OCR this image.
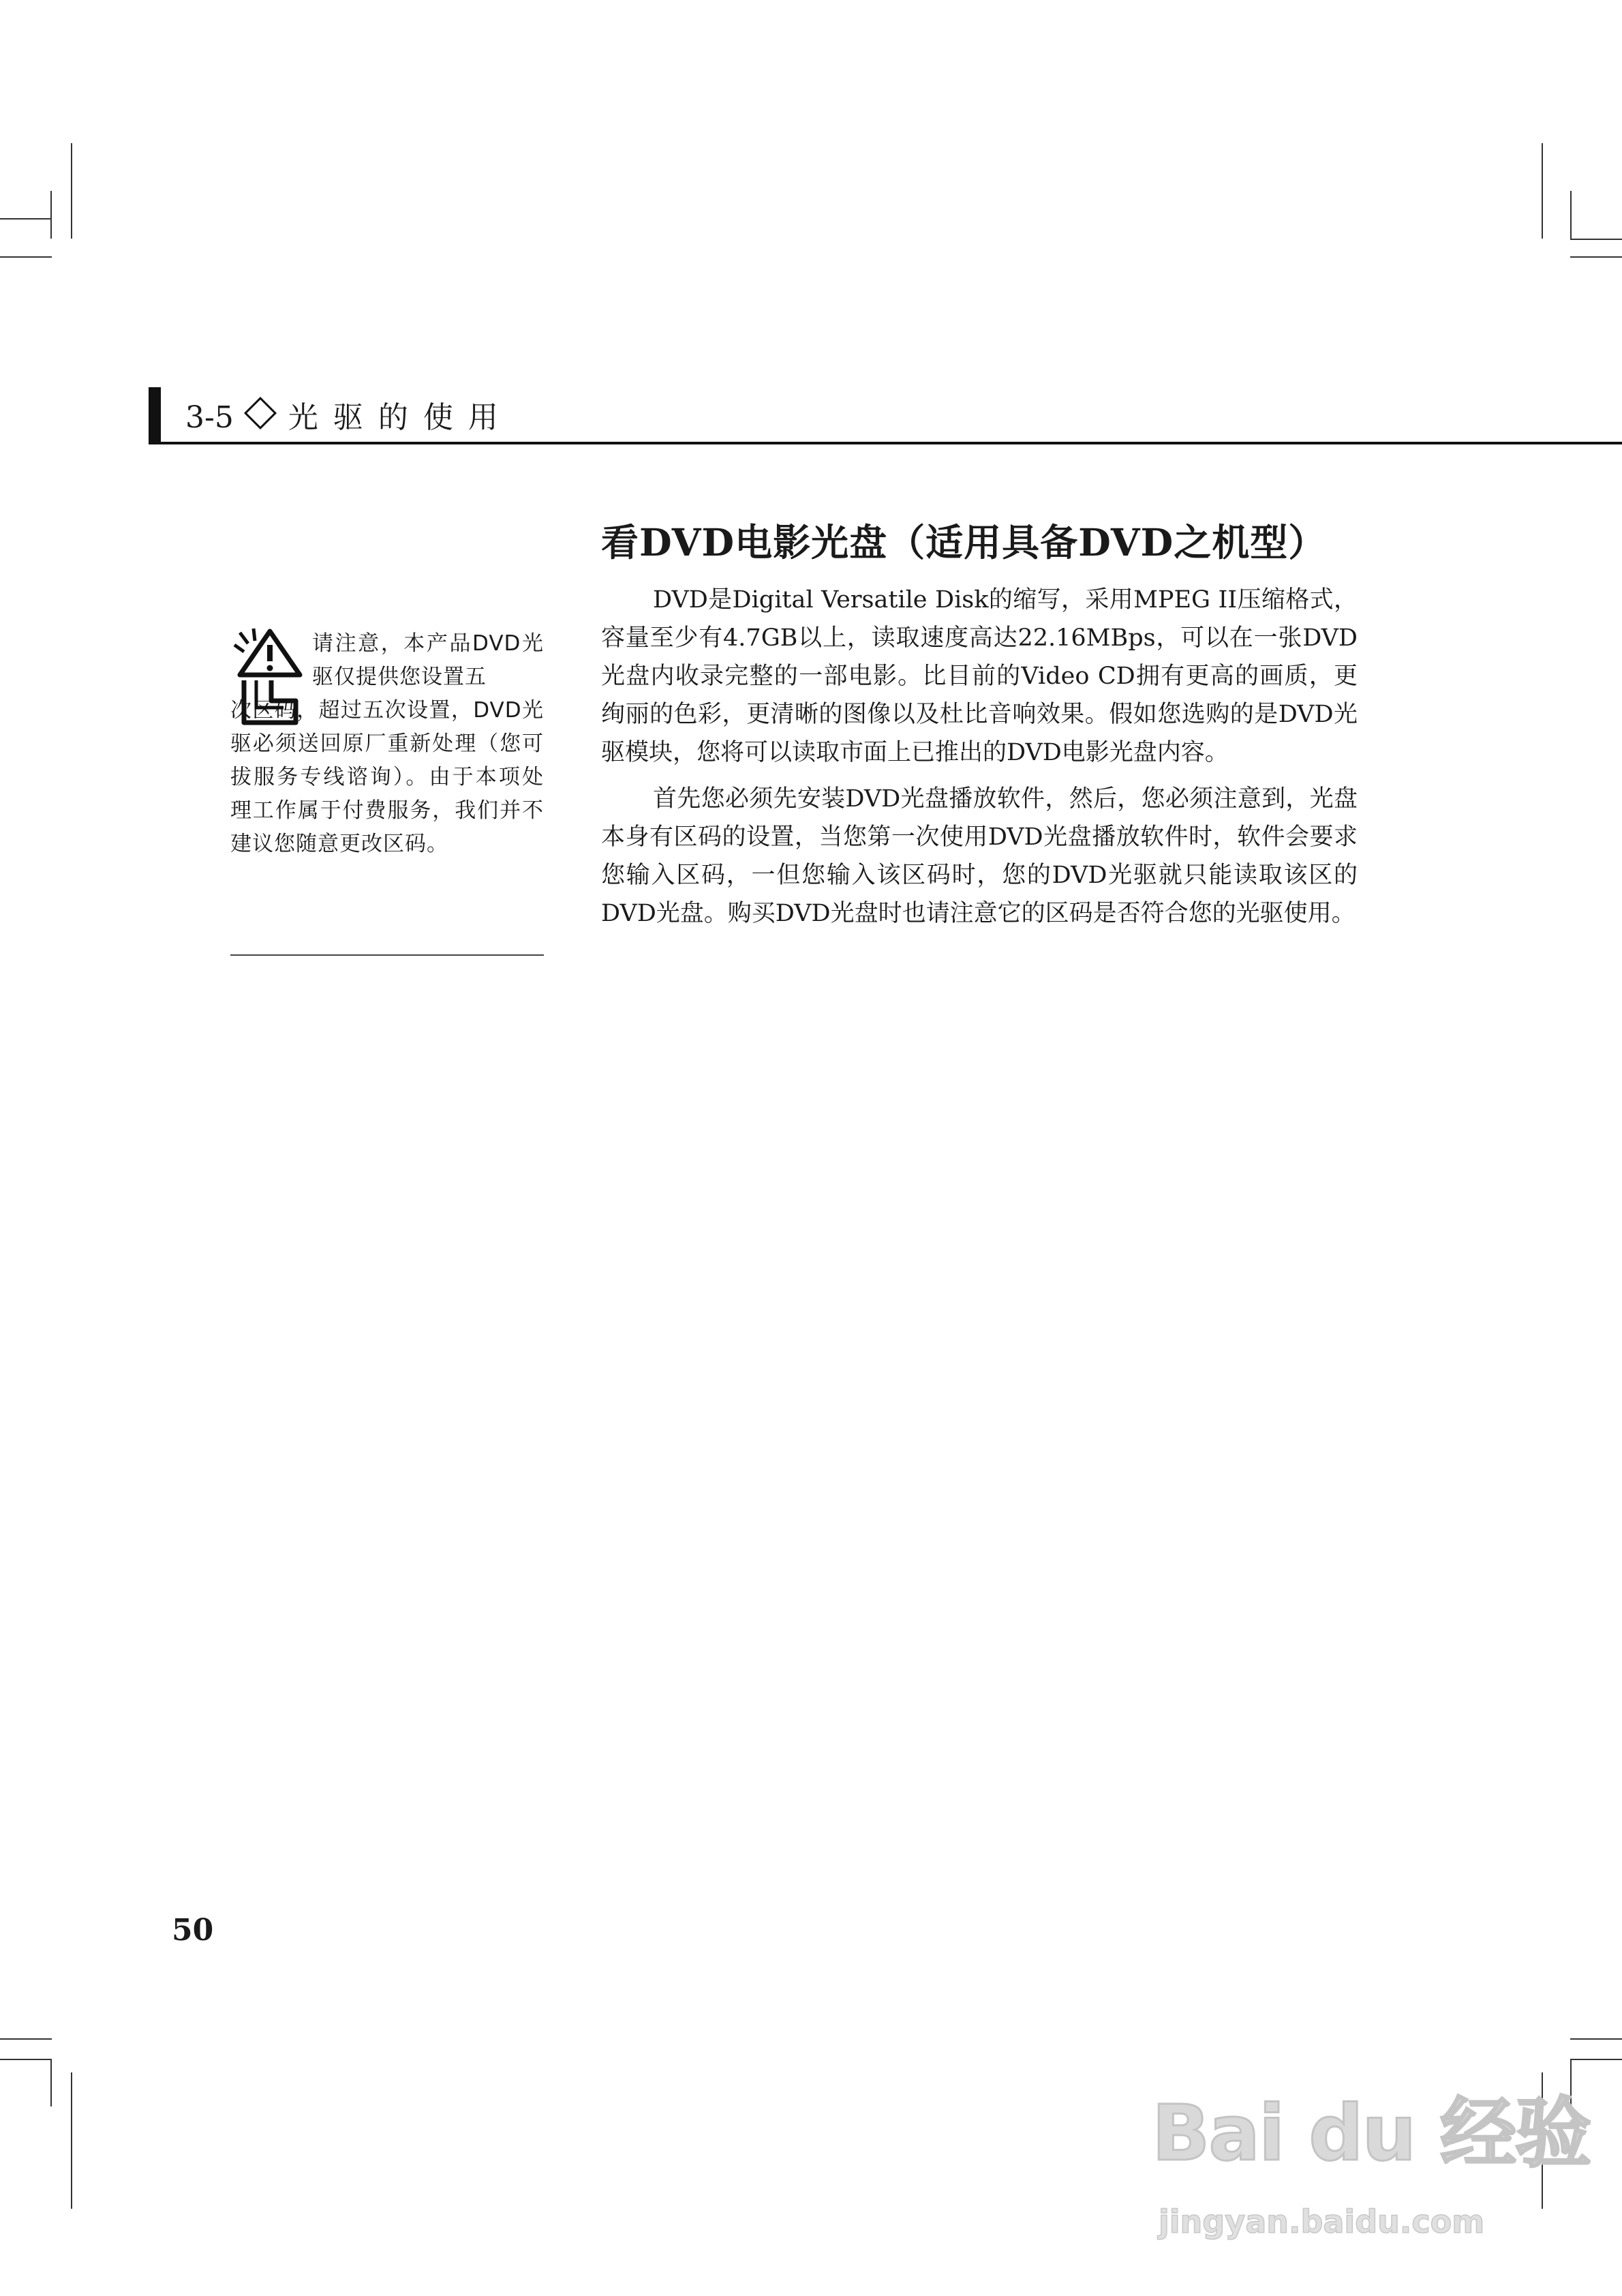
3-5 光 驱 的 使 用
看DVD电影光盘（适用具备DVD之机型）

DVD是Digital Versatile Disk的缩写，采用MPEG II压缩格式，容量至少有4.7GB以上，读取速度高达22.16MBps，可以在一张DVD光盘内收录完整的一部电影。比目前的Video CD拥有更高的画质，更绚丽的色彩，更清晰的图像以及杜比音响效果。假如您选购的是DVD光驱模块，您将可以读取市面上已推出的DVD电影光盘内容。

首先您必须先安装DVD光盘播放软件，然后，您必须注意到，光盘本身有区码的设置，当您第一次使用DVD光盘播放软件时，软件会要求您输入区码，一但您输入该区码时，您的DVD光驱就只能读取该区的DVD光盘。购买DVD光盘时也请注意它的区码是否符合您的光驱使用。

请注意，本产品DVD光驱仅提供您设置五
次区码，超过五次设置，DVD光驱必须送回原厂重新处理（您可拔服务专线谘询）。由于本项处理工作属于付费服务，我们并不建议您随意更改区码。
50
Bai du 经验
jingyan.baidu.com
